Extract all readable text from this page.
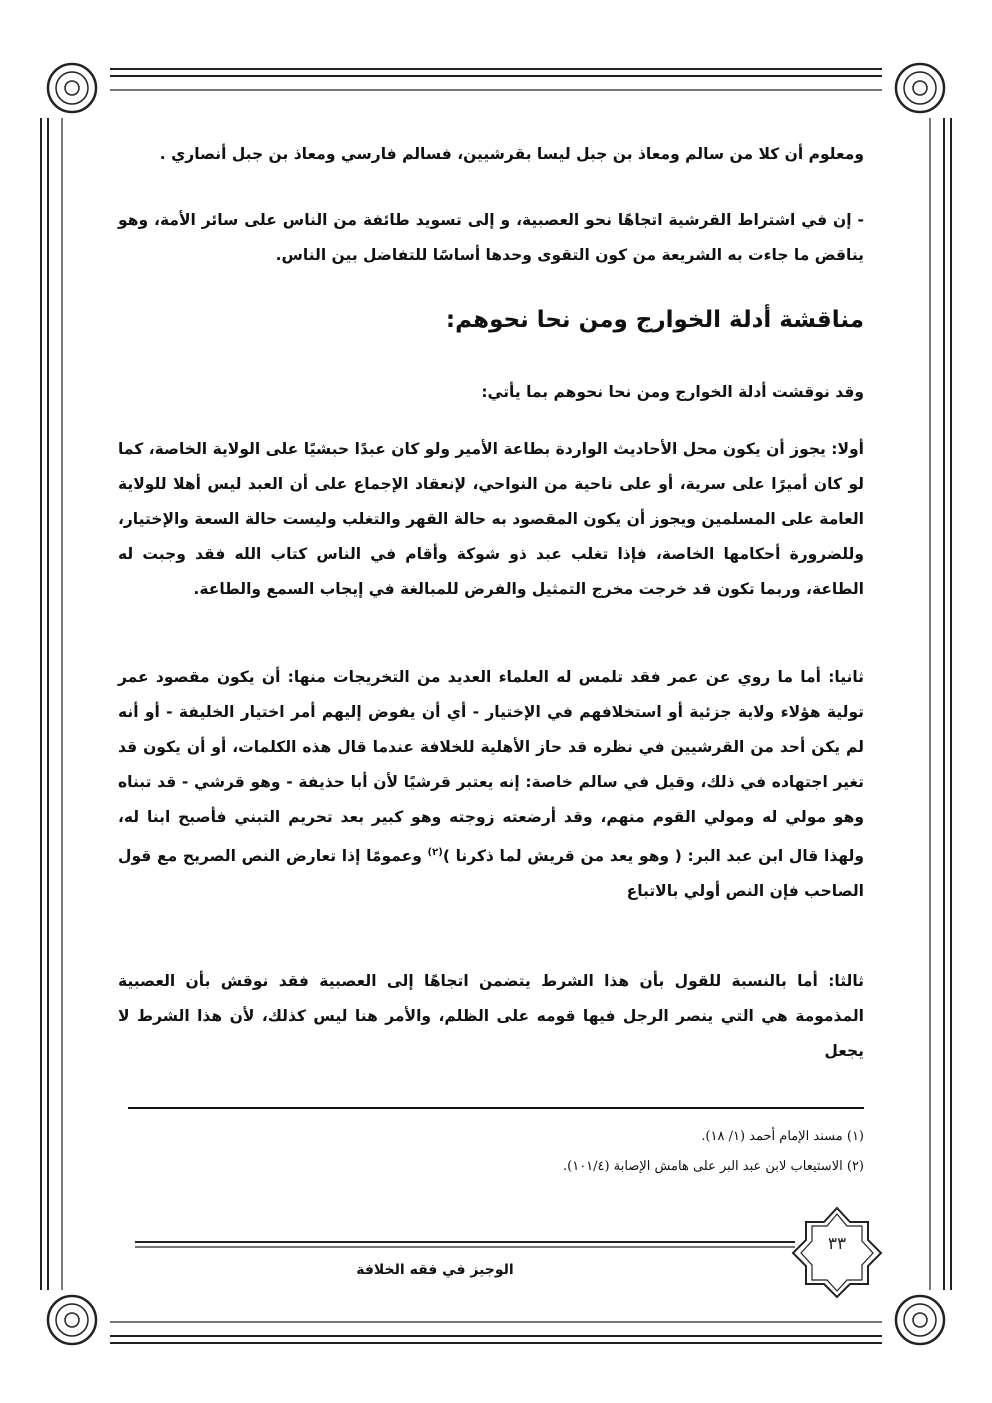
ومعلوم أن كلا من سالم ومعاذ بن جبل ليسا بقرشيين، فسالم فارسي ومعاذ بن جبل أنصاري .
- إن في اشتراط القرشية اتجاهًا نحو العصبية، و إلى تسويد طائفة من الناس على سائر الأمة، وهو يناقض ما جاءت به الشريعة من كون التقوى وحدها أساسًا للتفاضل بين الناس.
مناقشة أدلة الخوارج ومن نحا نحوهم:
وقد نوقشت أدلة الخوارج ومن نحا نحوهم بما يأتي:
أولا: يجوز أن يكون محل الأحاديث الواردة بطاعة الأمير ولو كان عبدًا حبشيًا على الولاية الخاصة، كما لو كان أميرًا على سرية، أو على ناحية من النواحي، لإنعقاد الإجماع على أن العبد ليس أهلا للولاية العامة على المسلمين ويجوز أن يكون المقصود به حالة القهر والتغلب وليست حالة السعة والإختيار، وللضرورة أحكامها الخاصة، فإذا تغلب عبد ذو شوكة وأقام في الناس كتاب الله فقد وجبت له الطاعة، وربما تكون قد خرجت مخرج التمثيل والفرض للمبالغة في إيجاب السمع والطاعة.
ثانيا: أما ما روي عن عمر فقد تلمس له العلماء العديد من التخريجات منها: أن يكون مقصود عمر تولية هؤلاء ولاية جزئية أو استخلافهم في الإختيار - أي أن يفوض إليهم أمر اختيار الخليفة - أو أنه لم يكن أحد من القرشيين في نظره قد حاز الأهلية للخلافة عندما قال هذه الكلمات، أو أن يكون قد تغير اجتهاده في ذلك، وقيل في سالم خاصة: إنه يعتبر قرشيًا لأن أبا حذيفة - وهو قرشي - قد تبناه وهو مولي له ومولي القوم منهم، وقد أرضعته زوجته وهو كبير بعد تحريم التبني فأصبح ابنا له، ولهذا قال ابن عبد البر: ( وهو يعد من قريش لما ذكرنا )$^{(٢)}$ وعمومًا إذا تعارض النص الصريح مع قول الصاحب فإن النص أولي بالاتباع
ثالثا: أما بالنسبة للقول بأن هذا الشرط يتضمن اتجاهًا إلى العصبية فقد نوقش بأن العصبية المذمومة هي التي ينصر الرجل فيها قومه على الظلم، والأمر هنا ليس كذلك، لأن هذا الشرط لا يجعل
(١) مسند الإمام أحمد (١/ ١٨).
(٢) الاستيعاب لابن عبد البر على هامش الإصابة (١٠١/٤).
٣٣
الوجيز في فقه الخلافة
